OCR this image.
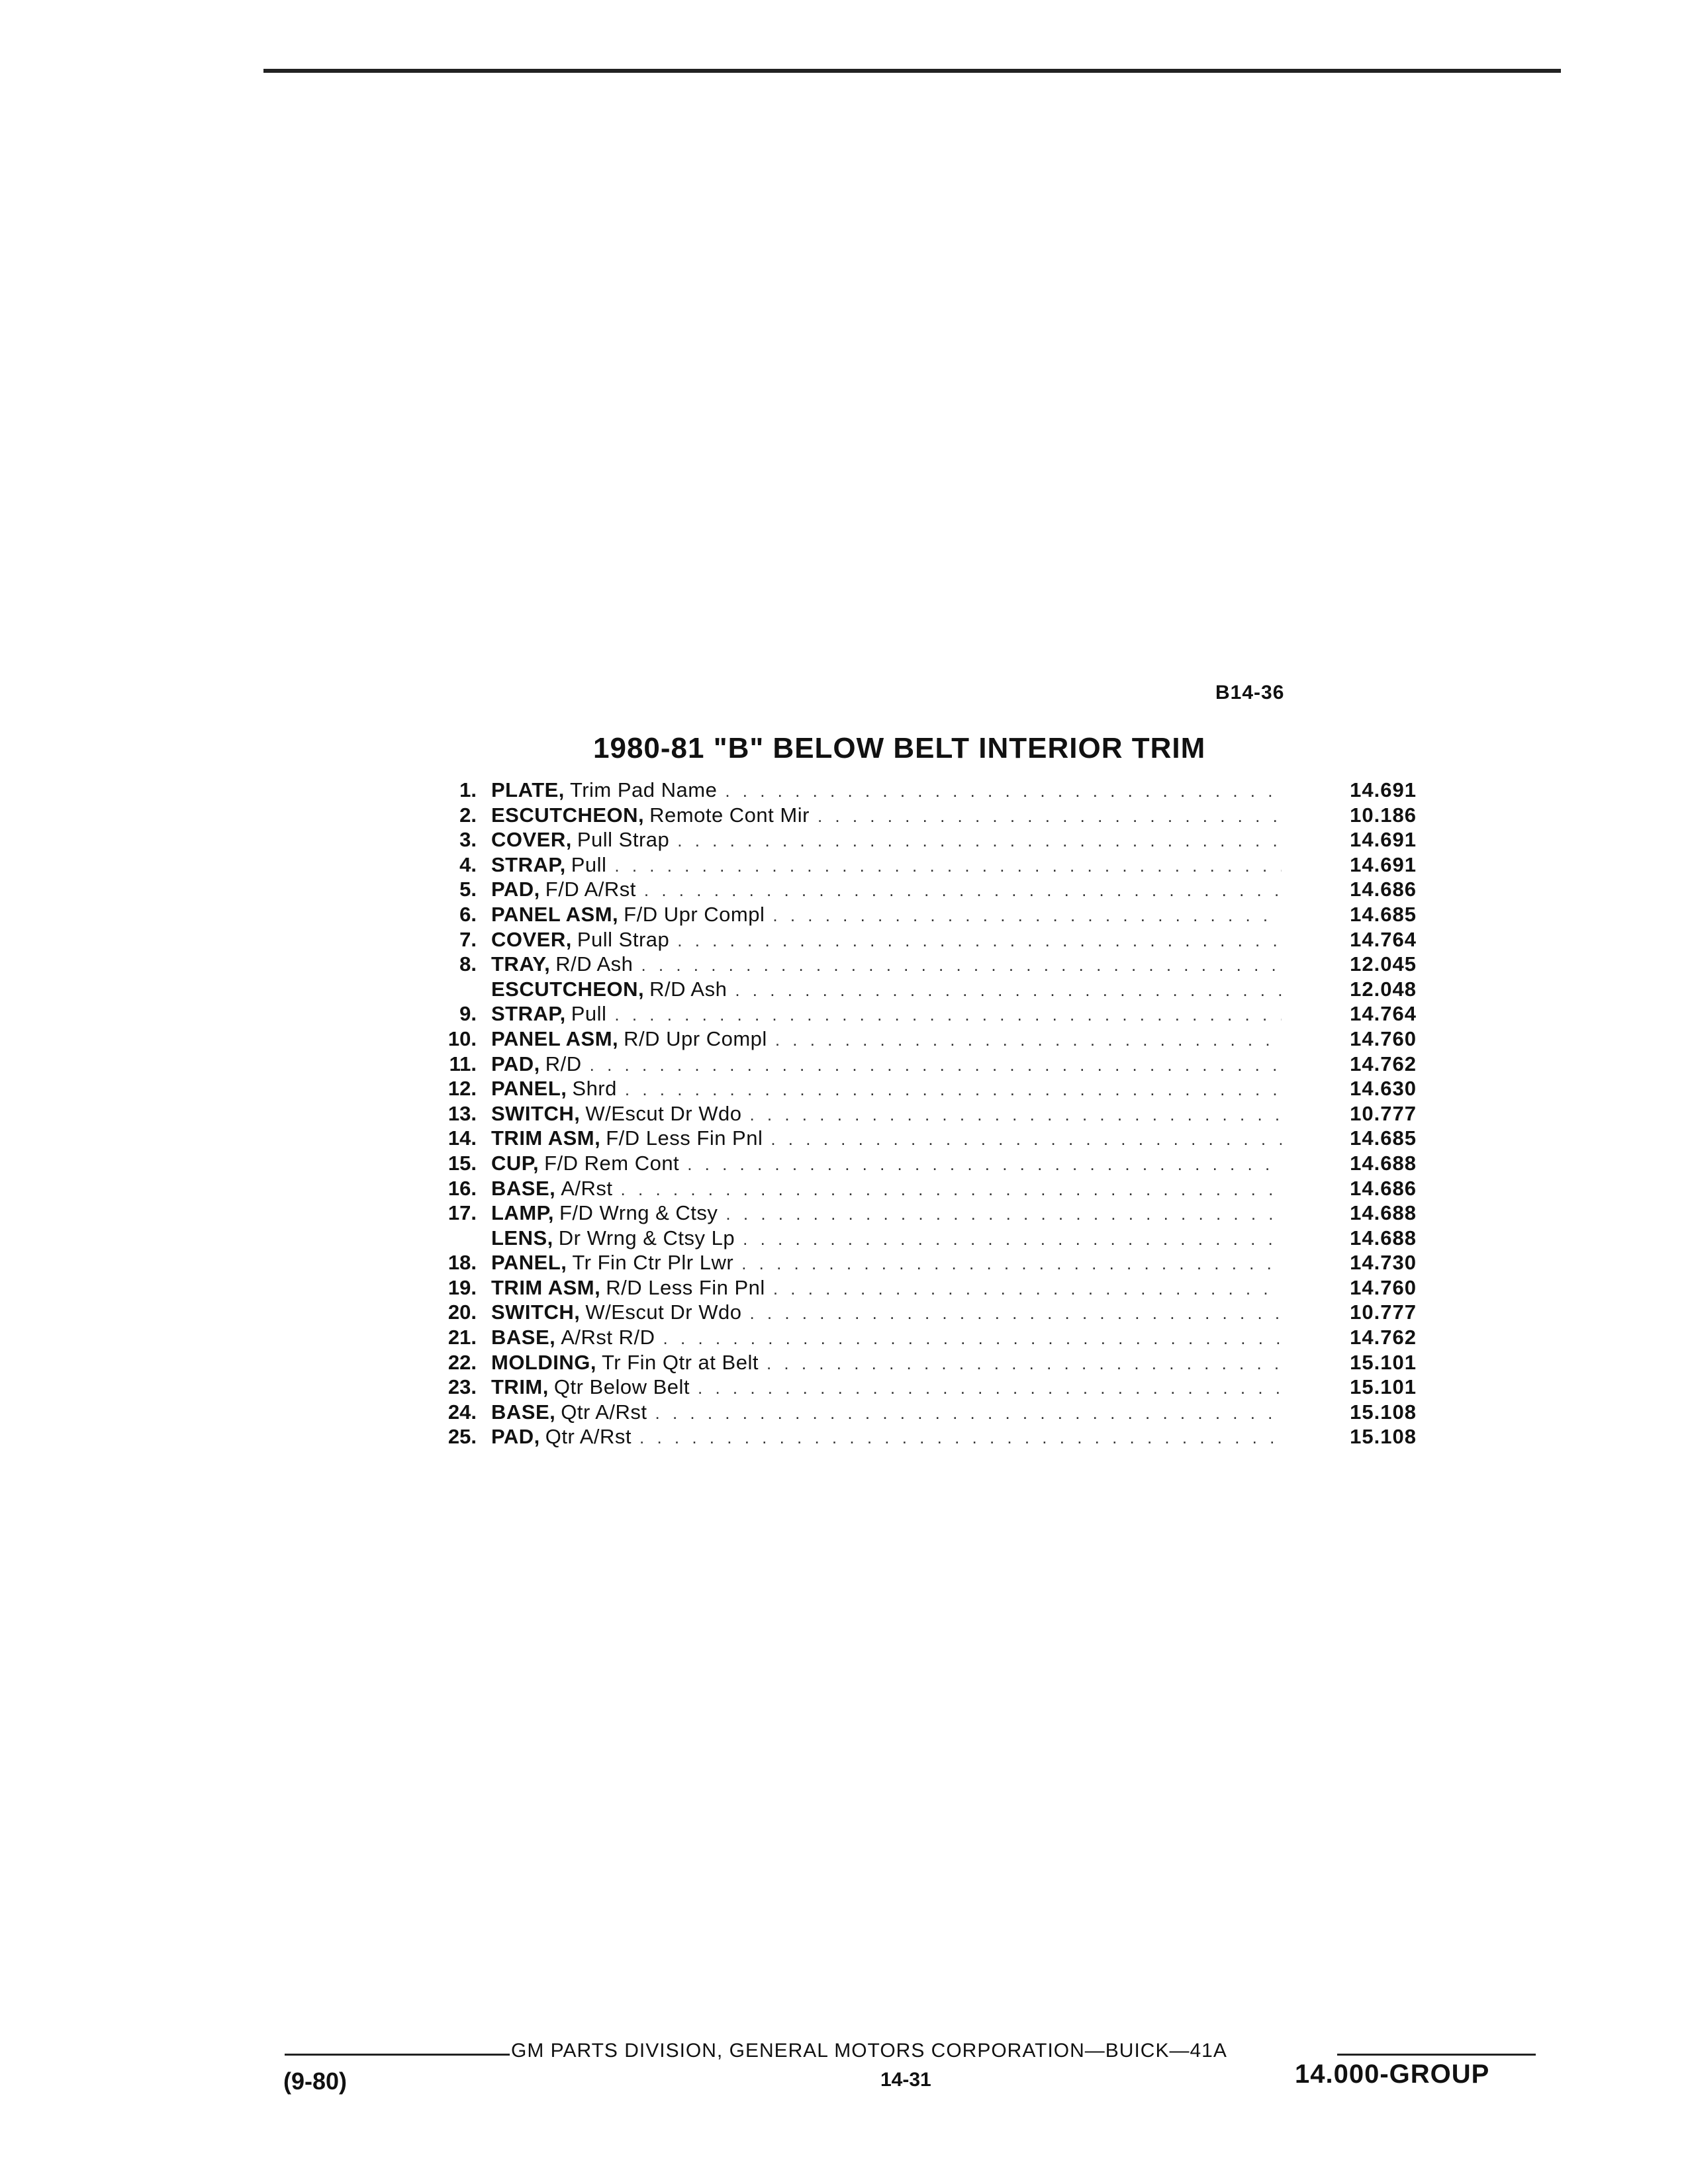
B14-36
1980-81 "B" BELOW BELT INTERIOR TRIM
1. PLATE, Trim Pad Name . . .	14.691
2. ESCUTCHEON, Remote Cont Mir . . .	10.186
3. COVER, Pull Strap . . .	14.691
4. STRAP, Pull . . .	14.691
5. PAD, F/D A/Rst . . .	14.686
6. PANEL ASM, F/D Upr Compl . . .	14.685
7. COVER, Pull Strap . . .	14.764
8. TRAY, R/D Ash . . .	12.045
ESCUTCHEON, R/D Ash . . .	12.048
9. STRAP, Pull . . .	14.764
10. PANEL ASM, R/D Upr Compl . . .	14.760
11. PAD, R/D . . .	14.762
12. PANEL, Shrd . . .	14.630
13. SWITCH, W/Escut Dr Wdo . . .	10.777
14. TRIM ASM, F/D Less Fin Pnl . . .	14.685
15. CUP, F/D Rem Cont . . .	14.688
16. BASE, A/Rst . . .	14.686
17. LAMP, F/D Wrng & Ctsy . . .	14.688
LENS, Dr Wrng & Ctsy Lp . . .	14.688
18. PANEL, Tr Fin Ctr Plr Lwr . . .	14.730
19. TRIM ASM, R/D Less Fin Pnl . . .	14.760
20. SWITCH, W/Escut Dr Wdo . . .	10.777
21. BASE, A/Rst R/D . . .	14.762
22. MOLDING, Tr Fin Qtr at Belt . . .	15.101
23. TRIM, Qtr Below Belt . . .	15.101
24. BASE, Qtr A/Rst . . .	15.108
25. PAD, Qtr A/Rst . . .	15.108
GM PARTS DIVISION, GENERAL MOTORS CORPORATION—BUICK—41A
(9-80)	14-31	14.000-GROUP
